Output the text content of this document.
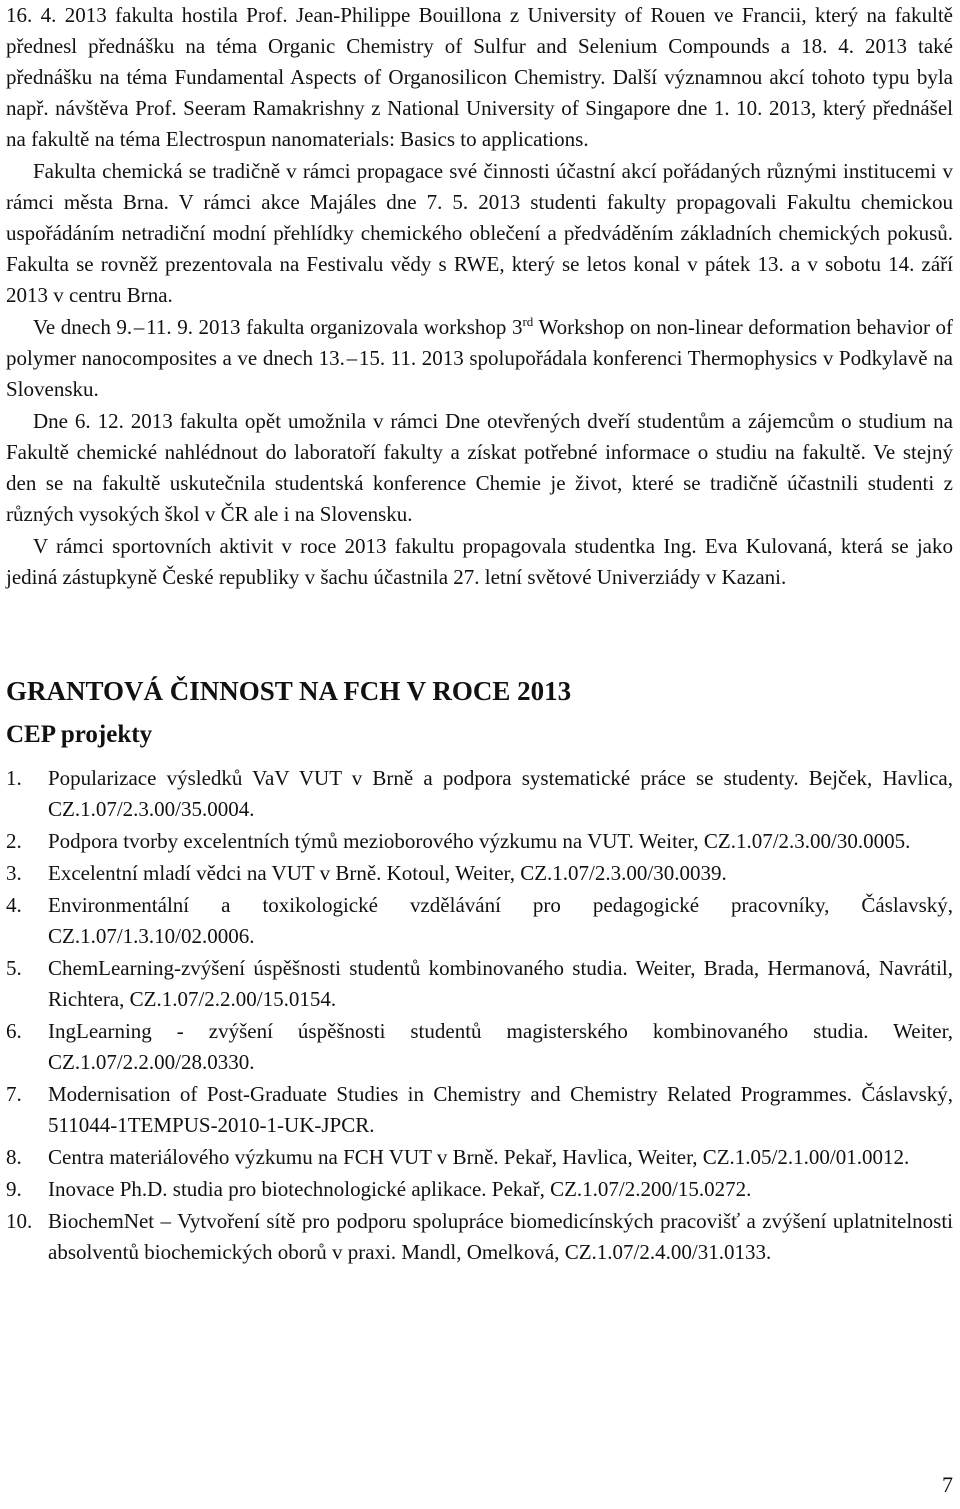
16. 4. 2013 fakulta hostila Prof. Jean-Philippe Bouillona z University of Rouen ve Francii, který na fakultě přednesl přednášku na téma Organic Chemistry of Sulfur and Selenium Compounds a 18. 4. 2013 také přednášku na téma Fundamental Aspects of Organosilicon Chemistry. Další významnou akcí tohoto typu byla např. návštěva Prof. Seeram Ramakrishny z National University of Singapore dne 1. 10. 2013, který přednášel na fakultě na téma Electrospun nanomaterials: Basics to applications.

Fakulta chemická se tradičně v rámci propagace své činnosti účastní akcí pořádaných různými institucemi v rámci města Brna. V rámci akce Majáles dne 7. 5. 2013 studenti fakulty propagovali Fakultu chemickou uspořádáním netradiční modní přehlídky chemického oblečení a předváděním základních chemických pokusů. Fakulta se rovněž prezentovala na Festivalu vědy s RWE, který se letos konal v pátek 13. a v sobotu 14. září 2013 v centru Brna.

Ve dnech 9. – 11. 9. 2013 fakulta organizovala workshop 3rd Workshop on non-linear deformation behavior of polymer nanocomposites a ve dnech 13. – 15. 11. 2013 spolupořádala konferenci Thermophysics v Podkylavě na Slovensku.

Dne 6. 12. 2013 fakulta opět umožnila v rámci Dne otevřených dveří studentům a zájemcům o studium na Fakultě chemické nahlédnout do laboratoří fakulty a získat potřebné informace o studiu na fakultě. Ve stejný den se na fakultě uskutečnila studentská konference Chemie je život, které se tradičně účastnili studenti z různých vysokých škol v ČR ale i na Slovensku.

V rámci sportovních aktivit v roce 2013 fakultu propagovala studentka Ing. Eva Kulovaná, která se jako jediná zástupkyně České republiky v šachu účastnila 27. letní světové Univerziády v Kazani.

GRANTOVÁ ČINNOST NA FCH V ROCE 2013
CEP projekty
1.	Popularizace výsledků VaV VUT v Brně a podpora systematické práce se studenty. Bejček, Havlica, CZ.1.07/2.3.00/35.0004.
2.	Podpora tvorby excelentních týmů mezioborového výzkumu na VUT. Weiter, CZ.1.07/2.3.00/30.0005.
3.	Excelentní mladí vědci na VUT v Brně. Kotoul, Weiter, CZ.1.07/2.3.00/30.0039.
4.	Environmentální a toxikologické vzdělávání pro pedagogické pracovníky, Čáslavský, CZ.1.07/1.3.10/02.0006.
5.	ChemLearning-zvýšení úspěšnosti studentů kombinovaného studia. Weiter, Brada, Hermanová, Navrátil, Richtera, CZ.1.07/2.2.00/15.0154.
6.	IngLearning - zvýšení úspěšnosti studentů magisterského kombinovaného studia. Weiter, CZ.1.07/2.2.00/28.0330.
7.	Modernisation of Post-Graduate Studies in Chemistry and Chemistry Related Programmes. Čáslavský, 511044-1TEMPUS-2010-1-UK-JPCR.
8.	Centra materiálového výzkumu na FCH VUT v Brně. Pekař, Havlica, Weiter, CZ.1.05/2.1.00/01.0012.
9.	Inovace Ph.D. studia pro biotechnologické aplikace. Pekař, CZ.1.07/2.200/15.0272.
10. BiochemNet – Vytvoření sítě pro podporu spolupráce biomedicínských pracovišť a zvýšení uplatnitelnosti absolventů biochemických oborů v praxi. Mandl, Omelková, CZ.1.07/2.4.00/31.0133.
7
